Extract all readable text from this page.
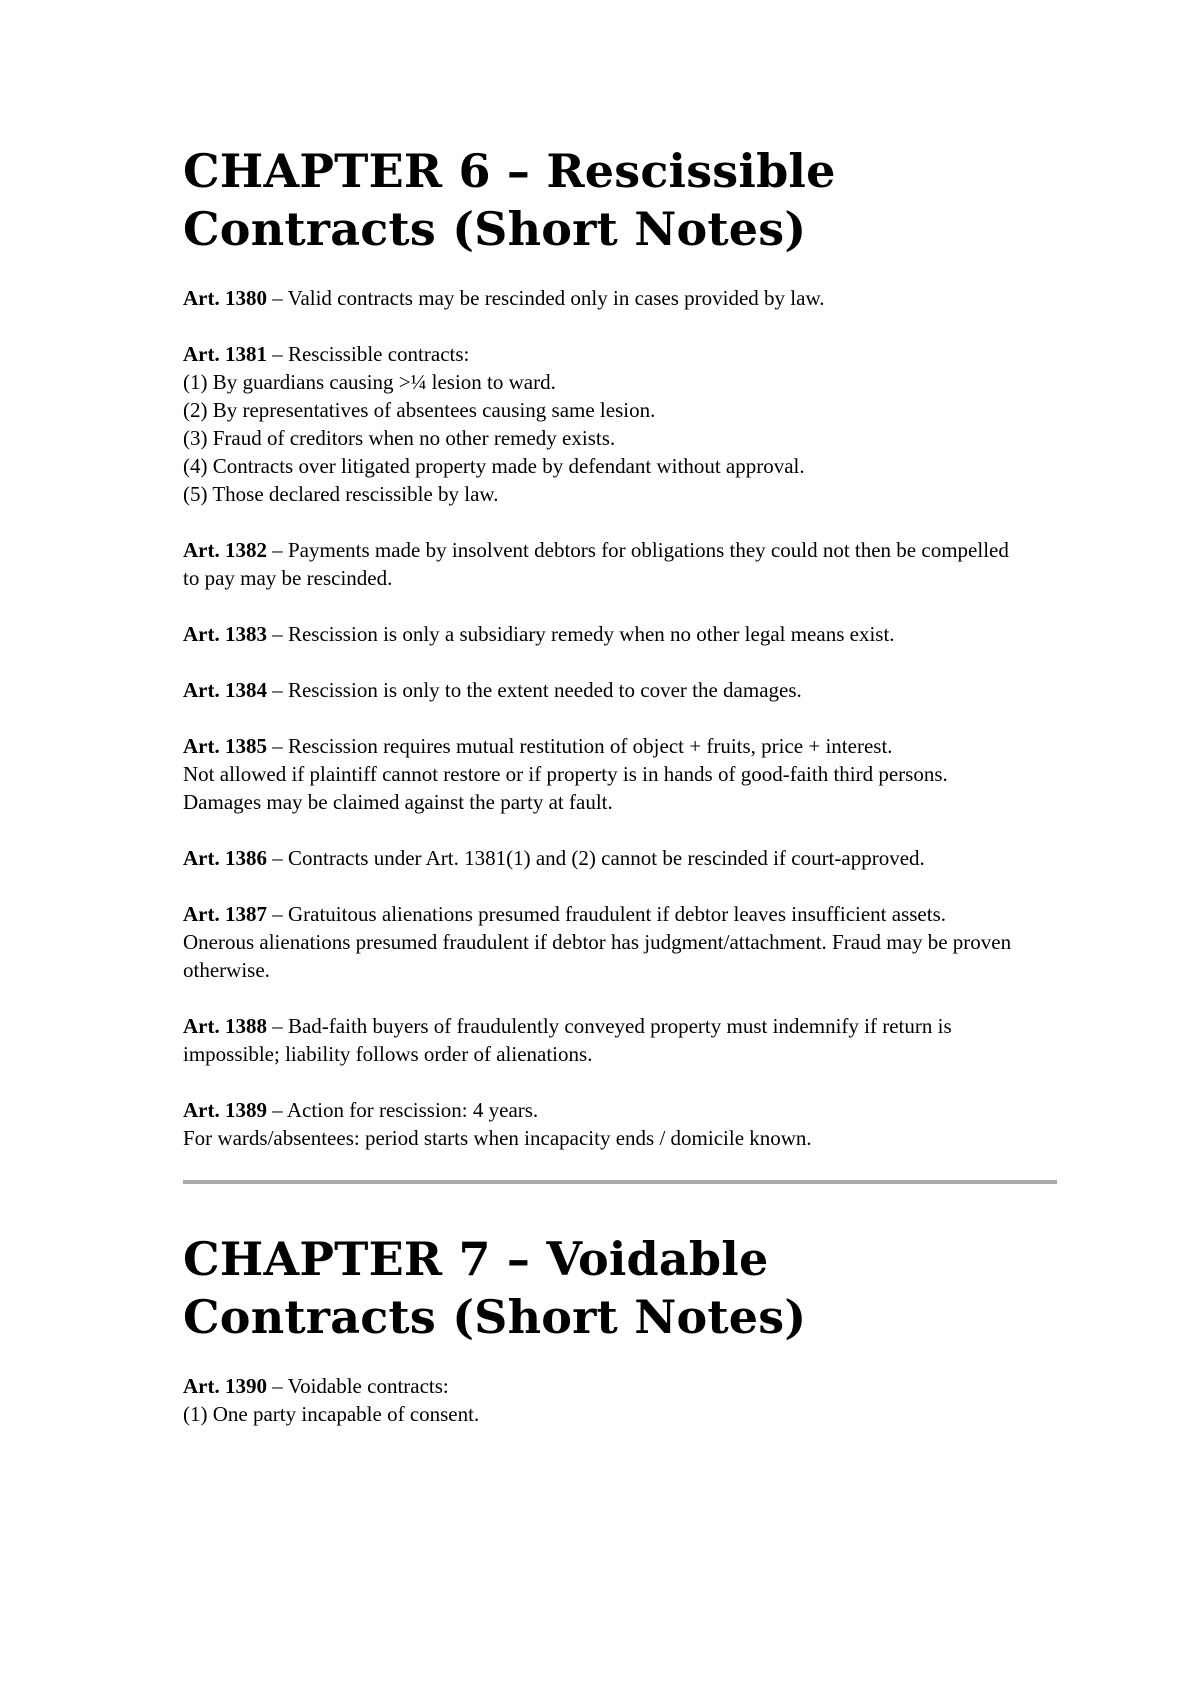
CHAPTER 6 – Rescissible
Contracts (Short Notes)

Art. 1380 – Valid contracts may be rescinded only in cases provided by law.

Art. 1381 – Rescissible contracts:
(1) By guardians causing >¼ lesion to ward.
(2) By representatives of absentees causing same lesion.
(3) Fraud of creditors when no other remedy exists.
(4) Contracts over litigated property made by defendant without approval.
(5) Those declared rescissible by law.

Art. 1382 – Payments made by insolvent debtors for obligations they could not then be compelled to pay may be rescinded.

Art. 1383 – Rescission is only a subsidiary remedy when no other legal means exist.

Art. 1384 – Rescission is only to the extent needed to cover the damages.

Art. 1385 – Rescission requires mutual restitution of object + fruits, price + interest.
Not allowed if plaintiff cannot restore or if property is in hands of good-faith third persons.
Damages may be claimed against the party at fault.

Art. 1386 – Contracts under Art. 1381(1) and (2) cannot be rescinded if court-approved.

Art. 1387 – Gratuitous alienations presumed fraudulent if debtor leaves insufficient assets.
Onerous alienations presumed fraudulent if debtor has judgment/attachment. Fraud may be proven otherwise.

Art. 1388 – Bad-faith buyers of fraudulently conveyed property must indemnify if return is impossible; liability follows order of alienations.

Art. 1389 – Action for rescission: 4 years.
For wards/absentees: period starts when incapacity ends / domicile known.

CHAPTER 7 – Voidable
Contracts (Short Notes)

Art. 1390 – Voidable contracts:
(1) One party incapable of consent.
